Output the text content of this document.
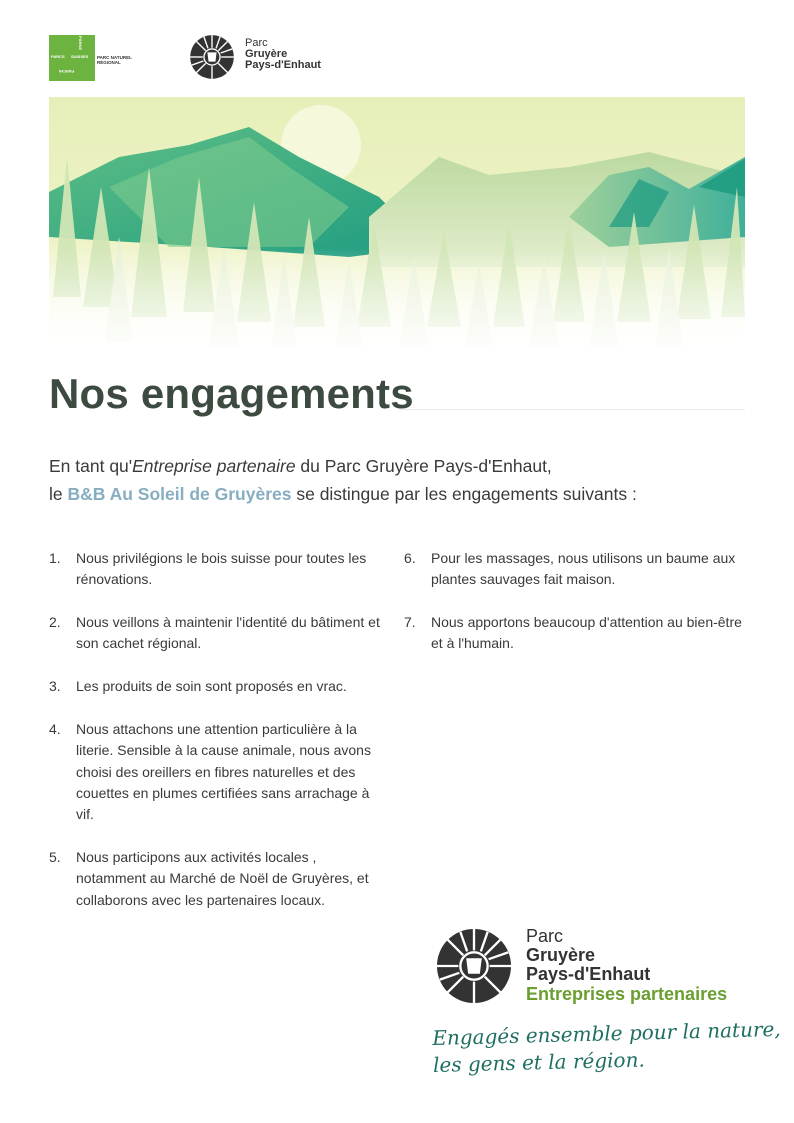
PARCS SUISSES
PÄRKE
PARCHI
PARC NATUREL RÉGIONAL
Parc
Gruyère
Pays-d'Enhaut
Nos engagements
En tant qu'Entreprise partenaire du Parc Gruyère Pays-d'Enhaut,
le B&B Au Soleil de Gruyères se distingue par les engagements suivants :
1. Nous privilégions le bois suisse pour toutes les rénovations.
2. Nous veillons à maintenir l'identité du bâtiment et son cachet régional.
3. Les produits de soin sont proposés en vrac.
4. Nous attachons une attention particulière à la literie. Sensible à la cause animale, nous avons choisi des oreillers en fibres naturelles et des couettes en plumes certifiées sans arrachage à vif.
5. Nous participons aux activités locales , notamment au Marché de Noël de Gruyères, et collaborons avec les partenaires locaux.
6. Pour les massages, nous utilisons un baume aux plantes sauvages fait maison.
7. Nous apportons beaucoup d'attention au bien-être et à l'humain.
Parc
Gruyère
Pays-d'Enhaut
Entreprises partenaires
Engagés ensemble pour la nature,
les gens et la région.
